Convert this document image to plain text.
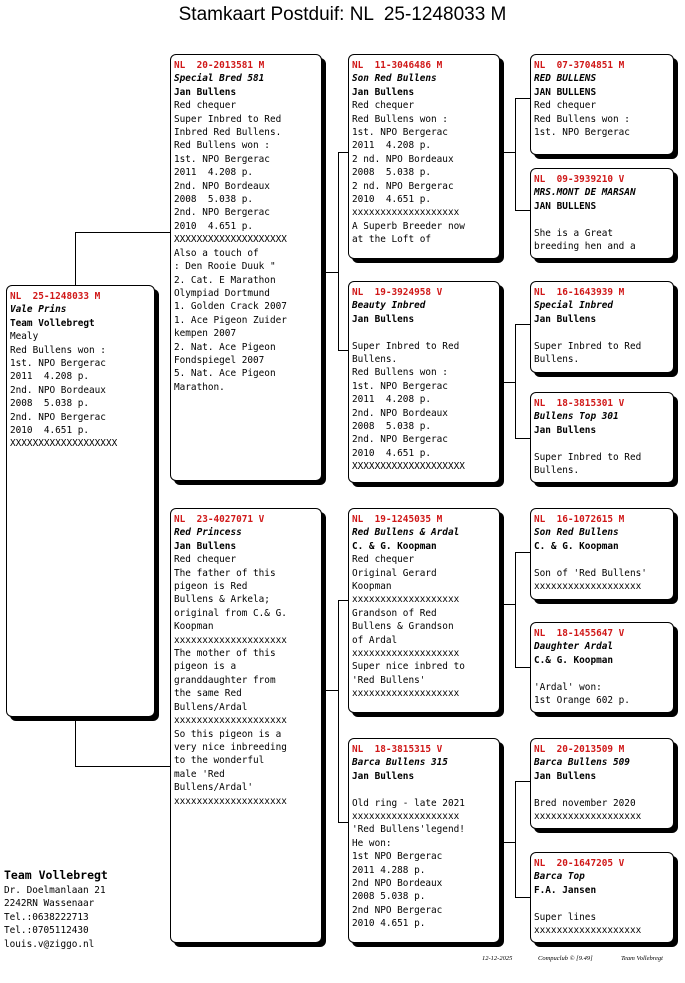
Stamkaart Postduif: NL  25-1248033 M
NL  25-1248033 M
Vale Prins
Team Vollebregt
Mealy
Red Bullens won :
1st. NPO Bergerac
2011  4.208 p.
2nd. NPO Bordeaux
2008  5.038 p.
2nd. NPO Bergerac
2010  4.651 p.
XXXXXXXXXXXXXXXXXXX
NL  20-2013581 M
Special Bred 581
Jan Bullens
Red chequer
Super Inbred to Red
Inbred Red Bullens.
Red Bullens won :
1st. NPO Bergerac
2011  4.208 p.
2nd. NPO Bordeaux
2008  5.038 p.
2nd. NPO Bergerac
2010  4.651 p.
XXXXXXXXXXXXXXXXXXXX
Also a touch of
: Den Rooie Duuk "
2. Cat. E Marathon
Olympiad Dortmund
1. Golden Crack 2007
1. Ace Pigeon Zuider
kempen 2007
2. Nat. Ace Pigeon
Fondspiegel 2007
5. Nat. Ace Pigeon
Marathon.
NL  23-4027071 V
Red Princess
Jan Bullens
Red chequer
The father of this
pigeon is Red
Bullens & Arkela;
original from C.& G.
Koopman
xxxxxxxxxxxxxxxxxxxx
The mother of this
pigeon is a
granddaughter from
the same Red
Bullens/Ardal
xxxxxxxxxxxxxxxxxxxx
So this pigeon is a
very nice inbreeding
to the wonderful
male 'Red
Bullens/Ardal'
xxxxxxxxxxxxxxxxxxxx
NL  11-3046486 M
Son Red Bullens
Jan Bullens
Red chequer
Red Bullens won :
1st. NPO Bergerac
2011  4.208 p.
2 nd. NPO Bordeaux
2008  5.038 p.
2 nd. NPO Bergerac
2010  4.651 p.
xxxxxxxxxxxxxxxxxxx
A Superb Breeder now
at the Loft of
NL  19-3924958 V
Beauty Inbred
Jan Bullens
Super Inbred to Red
Bullens.
Red Bullens won :
1st. NPO Bergerac
2011  4.208 p.
2nd. NPO Bordeaux
2008  5.038 p.
2nd. NPO Bergerac
2010  4.651 p.
XXXXXXXXXXXXXXXXXXXX
NL  19-1245035 M
Red Bullens & Ardal
C. & G. Koopman
Red chequer
Original Gerard
Koopman
xxxxxxxxxxxxxxxxxxx
Grandson of Red
Bullens & Grandson
of Ardal
xxxxxxxxxxxxxxxxxxx
Super nice inbred to
'Red Bullens'
xxxxxxxxxxxxxxxxxxx
NL  18-3815315 V
Barca Bullens 315
Jan Bullens
Old ring - late 2021
xxxxxxxxxxxxxxxxxxx
'Red Bullens'legend!
He won:
1st NPO Bergerac
2011 4.288 p.
2nd NPO Bordeaux
2008 5.038 p.
2nd NPO Bergerac
2010 4.651 p.
NL  07-3704851 M
RED BULLENS
JAN BULLENS
Red chequer
Red Bullens won :
1st. NPO Bergerac
NL  09-3939210 V
MRS.MONT DE MARSAN
JAN BULLENS
She is a Great
breeding hen and a
NL  16-1643939 M
Special Inbred
Jan Bullens
Super Inbred to Red
Bullens.
NL  18-3815301 V
Bullens Top 301
Jan Bullens
Super Inbred to Red
Bullens.
NL  16-1072615 M
Son Red Bullens
C. & G. Koopman
Son of 'Red Bullens'
xxxxxxxxxxxxxxxxxxx
NL  18-1455647 V
Daughter Ardal
C.& G. Koopman
'Ardal' won:
1st Orange 602 p.
NL  20-2013509 M
Barca Bullens 509
Jan Bullens
Bred november 2020
xxxxxxxxxxxxxxxxxxx
NL  20-1647205 V
Barca Top
F.A. Jansen
Super lines
xxxxxxxxxxxxxxxxxxx
Team Vollebregt
Dr. Doelmanlaan 21
2242RN Wassenaar
Tel.:0638222713
Tel.:0705112430
louis.v@ziggo.nl
12-12-2025	Compuclub © [9.49]	Team Vollebregt
